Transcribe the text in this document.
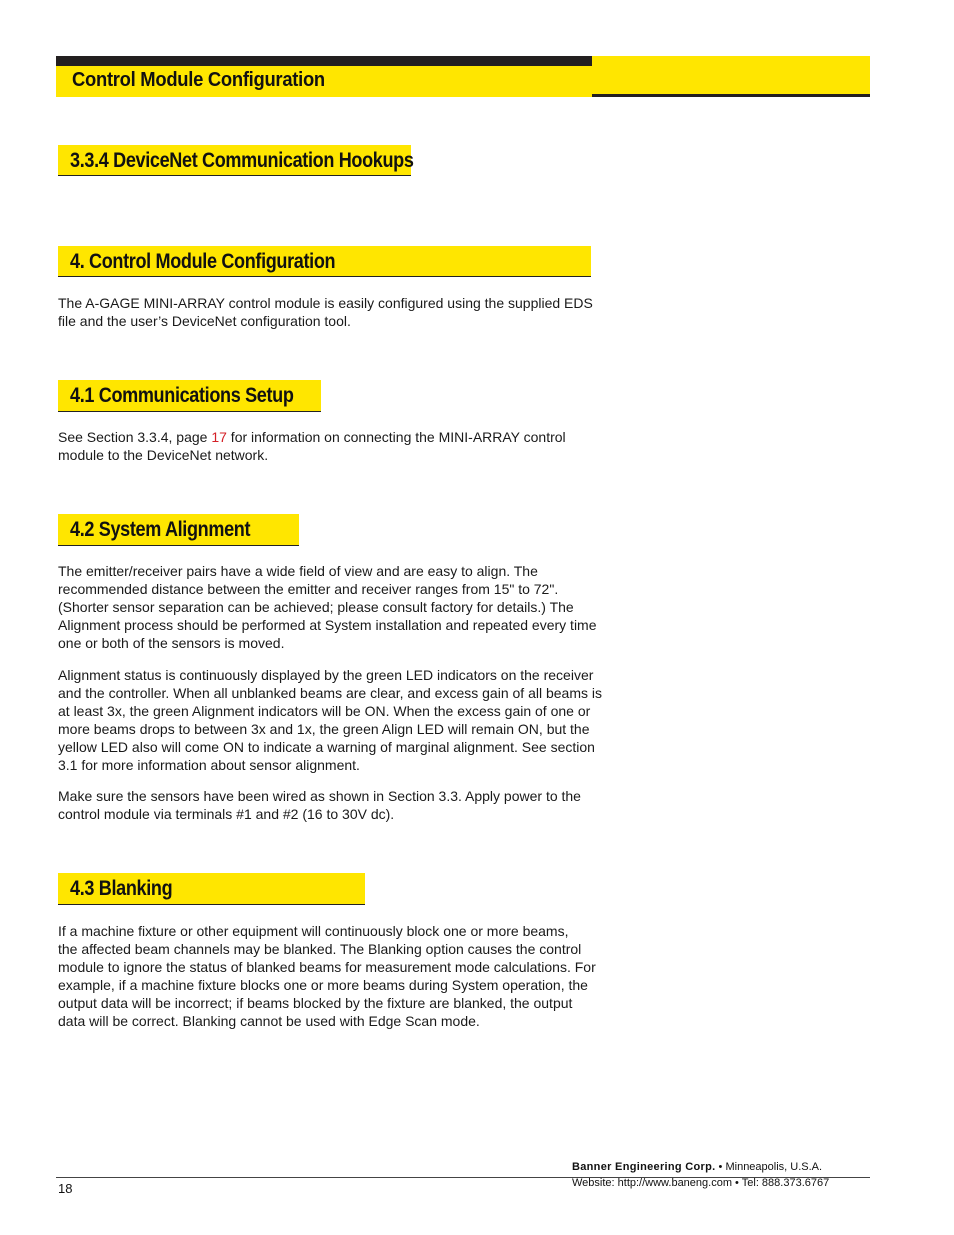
Control Module Configuration
3.3.4 DeviceNet Communication Hookups
4. Control Module Configuration

The A-GAGE MINI-ARRAY control module is easily configured using the supplied EDS

file and the user’s DeviceNet configuration tool.

4.1 Communications Setup

See Section 3.3.4, page 17 for information on connecting the MINI-ARRAY control

module to the DeviceNet network.

4.2 System Alignment

The emitter/receiver pairs have a wide field of view and are easy to align. The

recommended distance between the emitter and receiver ranges from 15" to 72".

(Shorter sensor separation can be achieved; please consult factory for details.) The

Alignment process should be performed at System installation and repeated every time

one or both of the sensors is moved.

Alignment status is continuously displayed by the green LED indicators on the receiver

and the controller. When all unblanked beams are clear, and excess gain of all beams is

at least 3x, the green Alignment indicators will be ON. When the excess gain of one or

more beams drops to between 3x and 1x, the green Align LED will remain ON, but the

yellow LED also will come ON to indicate a warning of marginal alignment. See section

3.1 for more information about sensor alignment.

Make sure the sensors have been wired as shown in Section 3.3. Apply power to the

control module via terminals #1 and #2 (16 to 30V dc).

4.3 Blanking

If a machine fixture or other equipment will continuously block one or more beams,

the affected beam channels may be blanked. The Blanking option causes the control

module to ignore the status of blanked beams for measurement mode calculations. For

example, if a machine fixture blocks one or more beams during System operation, the

output data will be incorrect; if beams blocked by the fixture are blanked, the output

data will be correct. Blanking cannot be used with Edge Scan mode.

18
Banner Engineering Corp. • Minneapolis, U.S.A.
Website: http://www.baneng.com • Tel: 888.373.6767
